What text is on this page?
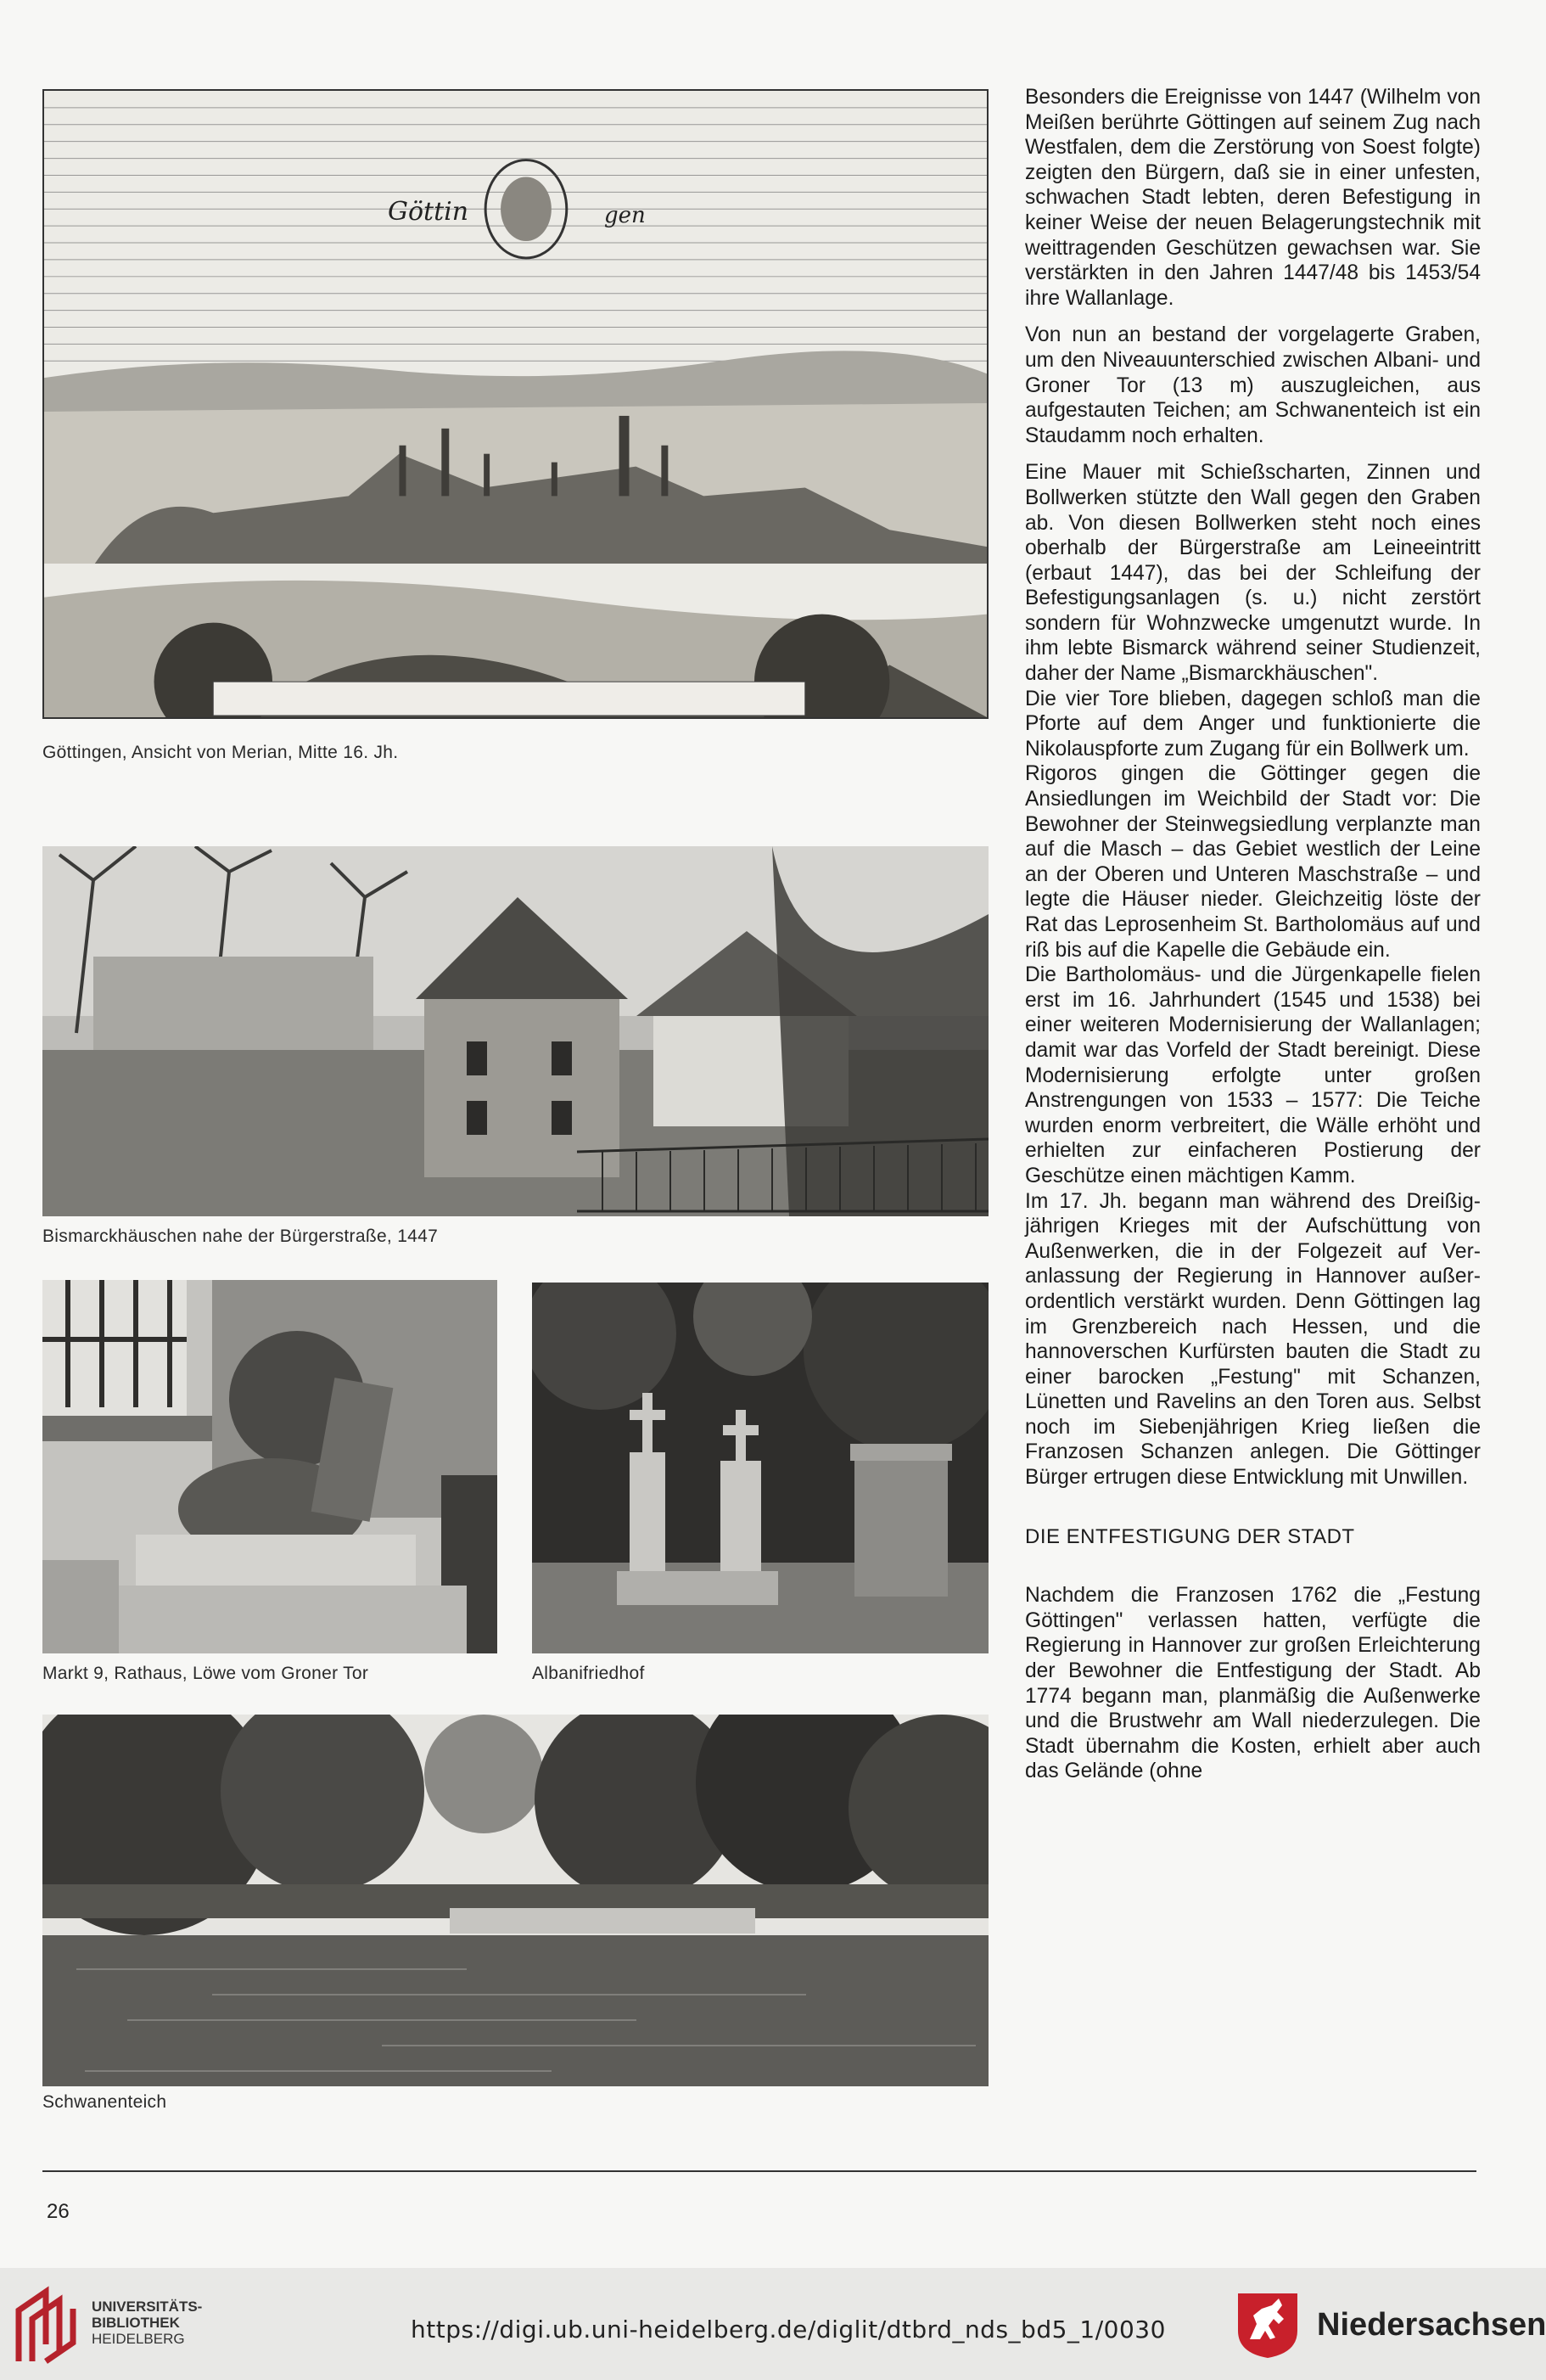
Göttin	gen
Göttingen, Ansicht von Merian, Mitte 16. Jh.
Bismarckhäuschen nahe der Bürgerstraße, 1447
Markt 9, Rathaus, Löwe vom Groner Tor	Albanifriedhof
Schwanenteich

Besonders die Ereignisse von 1447 (Wilhelm von Meißen berührte Göttingen auf seinem Zug nach Westfalen, dem die Zerstörung von Soest folgte) zeigten den Bürgern, daß sie in einer unfesten, schwachen Stadt lebten, deren Befestigung in keiner Weise der neuen Belagerungstechnik mit weittragenden Geschützen gewachsen war. Sie verstärkten in den Jahren 1447/48 bis 1453/54 ihre Wallanlage.

Von nun an bestand der vorgelagerte Graben, um den Niveauunterschied zwischen Albani- und Groner Tor (13 m) auszugleichen, aus aufgestauten Teichen; am Schwanenteich ist ein Staudamm noch erhalten.

Eine Mauer mit Schießscharten, Zinnen und Bollwerken stützte den Wall gegen den Graben ab. Von diesen Bollwerken steht noch eines oberhalb der Bürgerstraße am Leineeintritt (erbaut 1447), das bei der Schleifung der Befestigungsanlagen (s. u.) nicht zerstört sondern für Wohnzwecke umgenutzt wurde. In ihm lebte Bismarck während seiner Studienzeit, daher der Name „Bismarckhäuschen".

Die vier Tore blieben, dagegen schloß man die Pforte auf dem Anger und funktionierte die Nikolauspforte zum Zugang für ein Bollwerk um.

Rigoros gingen die Göttinger gegen die Ansiedlungen im Weichbild der Stadt vor: Die Bewohner der Steinwegsiedlung verplanzte man auf die Masch – das Gebiet westlich der Leine an der Oberen und Unteren Maschstraße – und legte die Häuser nieder. Gleichzeitig löste der Rat das Leprosenheim St. Bartholomäus auf und riß bis auf die Kapelle die Gebäude ein.

Die Bartholomäus- und die Jürgenkapelle fielen erst im 16. Jahrhundert (1545 und 1538) bei einer weiteren Modernisierung der Wallanlagen; damit war das Vorfeld der Stadt bereinigt. Diese Modernisierung erfolgte unter großen Anstrengungen von 1533 – 1577: Die Teiche wurden enorm verbreitert, die Wälle erhöht und erhielten zur einfacheren Postierung der Geschütze einen mächtigen Kamm.

Im 17. Jh. begann man während des Dreißigjährigen Krieges mit der Aufschüttung von Außenwerken, die in der Folgezeit auf Veranlassung der Regierung in Hannover außerordentlich verstärkt wurden. Denn Göttingen lag im Grenzbereich nach Hessen, und die hannoverschen Kurfürsten bauten die Stadt zu einer barocken „Festung" mit Schanzen, Lünetten und Ravelins an den Toren aus. Selbst noch im Siebenjährigen Krieg ließen die Franzosen Schanzen anlegen. Die Göttinger Bürger ertrugen diese Entwicklung mit Unwillen.

DIE ENTFESTIGUNG DER STADT

Nachdem die Franzosen 1762 die „Festung Göttingen" verlassen hatten, verfügte die Regierung in Hannover zur großen Erleichterung der Bewohner die Entfestigung der Stadt. Ab 1774 begann man, planmäßig die Außenwerke und die Brustwehr am Wall niederzulegen. Die Stadt übernahm die Kosten, erhielt aber auch das Gelände (ohne

26
UNIVERSITÄTS-
BIBLIOTHEK
HEIDELBERG	https://digi.ub.uni-heidelberg.de/diglit/dtbrd_nds_bd5_1/0030	Niedersachsen
